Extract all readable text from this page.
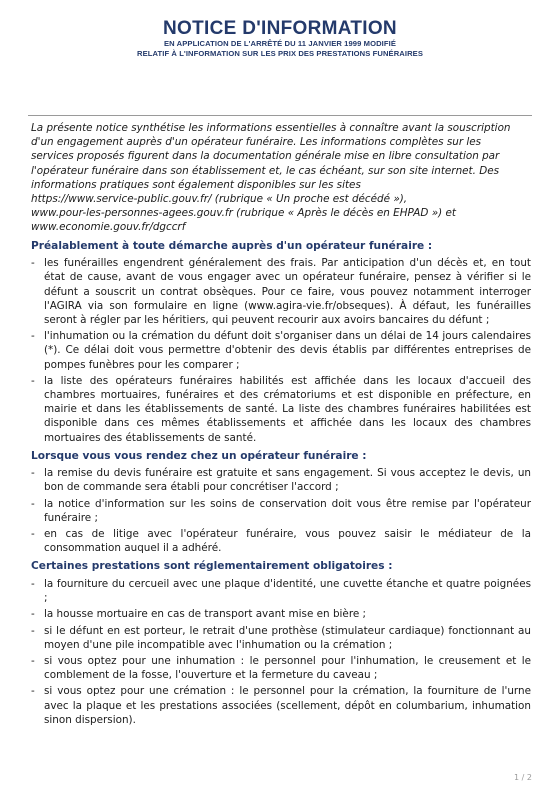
NOTICE D'INFORMATION
EN APPLICATION DE L'ARRÊTÉ DU 11 JANVIER 1999 MODIFIÉ
RELATIF À L'INFORMATION SUR LES PRIX DES PRESTATIONS FUNÉRAIRES

La présente notice synthétise les informations essentielles à connaître avant la souscription
d'un engagement auprès d'un opérateur funéraire. Les informations complètes sur les
services proposés figurent dans la documentation générale mise en libre consultation par
l'opérateur funéraire dans son établissement et, le cas échéant, sur son site internet. Des
informations pratiques sont également disponibles sur les sites
https://www.service-public.gouv.fr/ (rubrique « Un proche est décédé »),
www.pour-les-personnes-agees.gouv.fr (rubrique « Après le décès en EHPAD ») et
www.economie.gouv.fr/dgccrf

Préalablement à toute démarche auprès d'un opérateur funéraire :
- les funérailles engendrent généralement des frais. Par anticipation d'un décès et, en tout état de cause, avant de vous engager avec un opérateur funéraire, pensez à vérifier si le défunt a souscrit un contrat obsèques. Pour ce faire, vous pouvez notamment interroger l'AGIRA via son formulaire en ligne (www.agira-vie.fr/obseques). À défaut, les funérailles seront à régler par les héritiers, qui peuvent recourir aux avoirs bancaires du défunt ;
- l'inhumation ou la crémation du défunt doit s'organiser dans un délai de 14 jours calendaires (*). Ce délai doit vous permettre d'obtenir des devis établis par différentes entreprises de pompes funèbres pour les comparer ;
- la liste des opérateurs funéraires habilités est affichée dans les locaux d'accueil des chambres mortuaires, funéraires et des crématoriums et est disponible en préfecture, en mairie et dans les établissements de santé. La liste des chambres funéraires habilitées est disponible dans ces mêmes établissements et affichée dans les locaux des chambres mortuaires des établissements de santé.
Lorsque vous vous rendez chez un opérateur funéraire :
- la remise du devis funéraire est gratuite et sans engagement. Si vous acceptez le devis, un bon de commande sera établi pour concrétiser l'accord ;
- la notice d'information sur les soins de conservation doit vous être remise par l'opérateur funéraire ;
- en cas de litige avec l'opérateur funéraire, vous pouvez saisir le médiateur de la consommation auquel il a adhéré.
Certaines prestations sont réglementairement obligatoires :
- la fourniture du cercueil avec une plaque d'identité, une cuvette étanche et quatre poignées ;
- la housse mortuaire en cas de transport avant mise en bière ;
- si le défunt en est porteur, le retrait d'une prothèse (stimulateur cardiaque) fonctionnant au moyen d'une pile incompatible avec l'inhumation ou la crémation ;
- si vous optez pour une inhumation : le personnel pour l'inhumation, le creusement et le comblement de la fosse, l'ouverture et la fermeture du caveau ;
- si vous optez pour une crémation : le personnel pour la crémation, la fourniture de l'urne avec la plaque et les prestations associées (scellement, dépôt en columbarium, inhumation sinon dispersion).
1 / 2
